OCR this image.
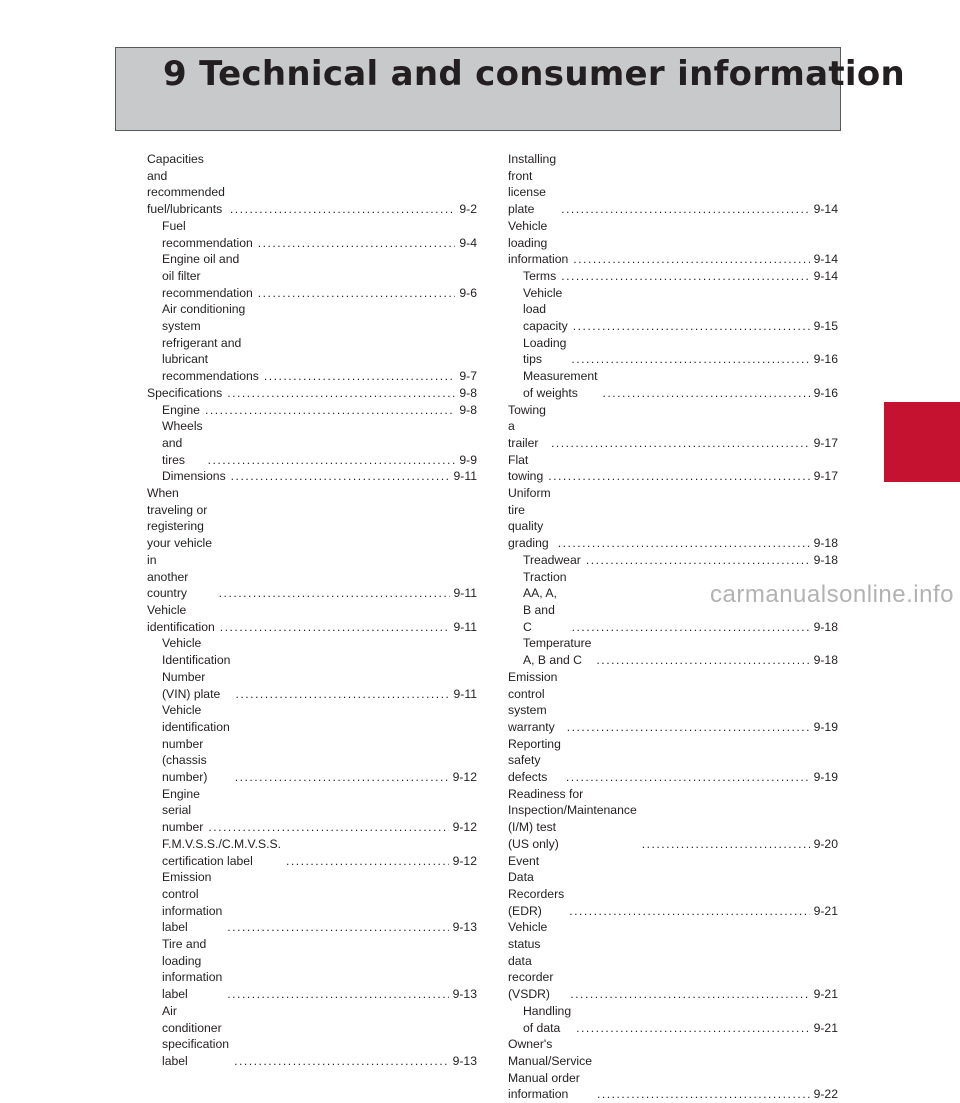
9 Technical and consumer information
Capacities and recommended fuel/lubricants .....	9-2
Fuel recommendation .....	9-4
Engine oil and oil filter recommendation .....	9-6
Air conditioning system refrigerant and
lubricant recommendations .....	9-7
Specifications .....	9-8
Engine .....	9-8
Wheels and tires .....	9-9
Dimensions .....	9-11
When traveling or registering your vehicle in
another country .....	9-11
Vehicle identification .....	9-11
Vehicle Identification Number (VIN) plate .....	9-11
Vehicle identification number (chassis number) .....	9-12
Engine serial number .....	9-12
F.M.V.S.S./C.M.V.S.S. certification label .....	9-12
Emission control information label .....	9-13
Tire and loading information label .....	9-13
Air conditioner specification label .....	9-13
Installing front license plate .....	9-14
Vehicle loading information .....	9-14
Terms .....	9-14
Vehicle load capacity .....	9-15
Loading tips .....	9-16
Measurement of weights .....	9-16
Towing a trailer .....	9-17
Flat towing .....	9-17
Uniform tire quality grading .....	9-18
Treadwear .....	9-18
Traction AA, A, B and C .....	9-18
Temperature A, B and C .....	9-18
Emission control system warranty .....	9-19
Reporting safety defects .....	9-19
Readiness for Inspection/Maintenance (I/M) test
(US only) .....	9-20
Event Data Recorders (EDR) .....	9-21
Vehicle status data recorder (VSDR) .....	9-21
Handling of data .....	9-21
Owner's Manual/Service Manual order information .....	9-22
carmanualsonline.info
